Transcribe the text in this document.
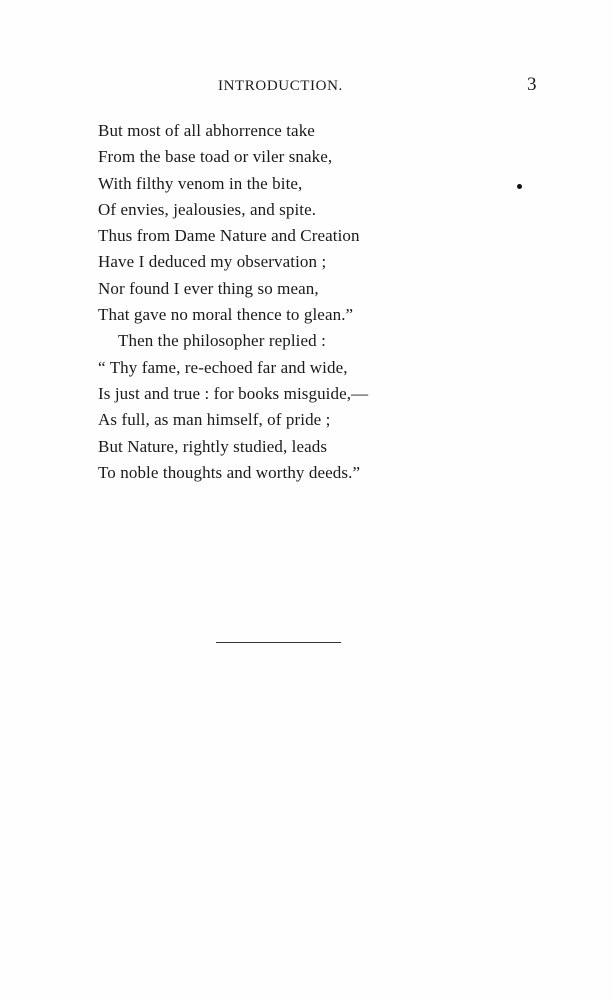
INTRODUCTION.	3
But most of all abhorrence take
From the base toad or viler snake,
With filthy venom in the bite,
Of envies, jealousies, and spite.
Thus from Dame Nature and Creation
Have I deduced my observation ;
Nor found I ever thing so mean,
That gave no moral thence to glean.”
Then the philosopher replied :
“ Thy fame, re-echoed far and wide,
Is just and true : for books misguide,—
As full, as man himself, of pride ;
But Nature, rightly studied, leads
To noble thoughts and worthy deeds.”
